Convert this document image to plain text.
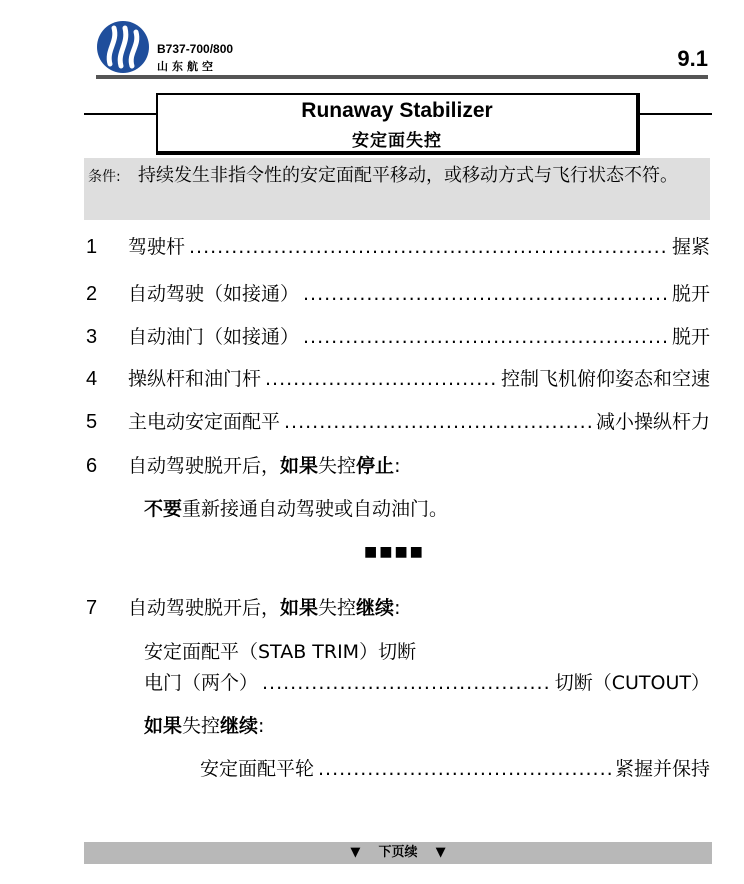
B737-700/800
山东航空	9.1
Runaway Stabilizer
安定面失控
条件: 持续发生非指令性的安定面配平移动，或移动方式与飞行状态不符。
1 驾驶杆 .....	握紧
2 自动驾驶（如接通） .....	脱开
3 自动油门（如接通） .....	脱开
4 操纵杆和油门杆 .....	控制飞机俯仰姿态和空速
5 主电动安定面配平 .....	减小操纵杆力
6 自动驾驶脱开后，如果失控停止:
不要重新接通自动驾驶或自动油门。
■■■■
7 自动驾驶脱开后，如果失控继续:
安定面配平（STAB TRIM）切断
电门（两个） .....	切断（CUTOUT）
如果失控继续:
安定面配平轮 .....	紧握并保持
▼ 下页续 ▼
